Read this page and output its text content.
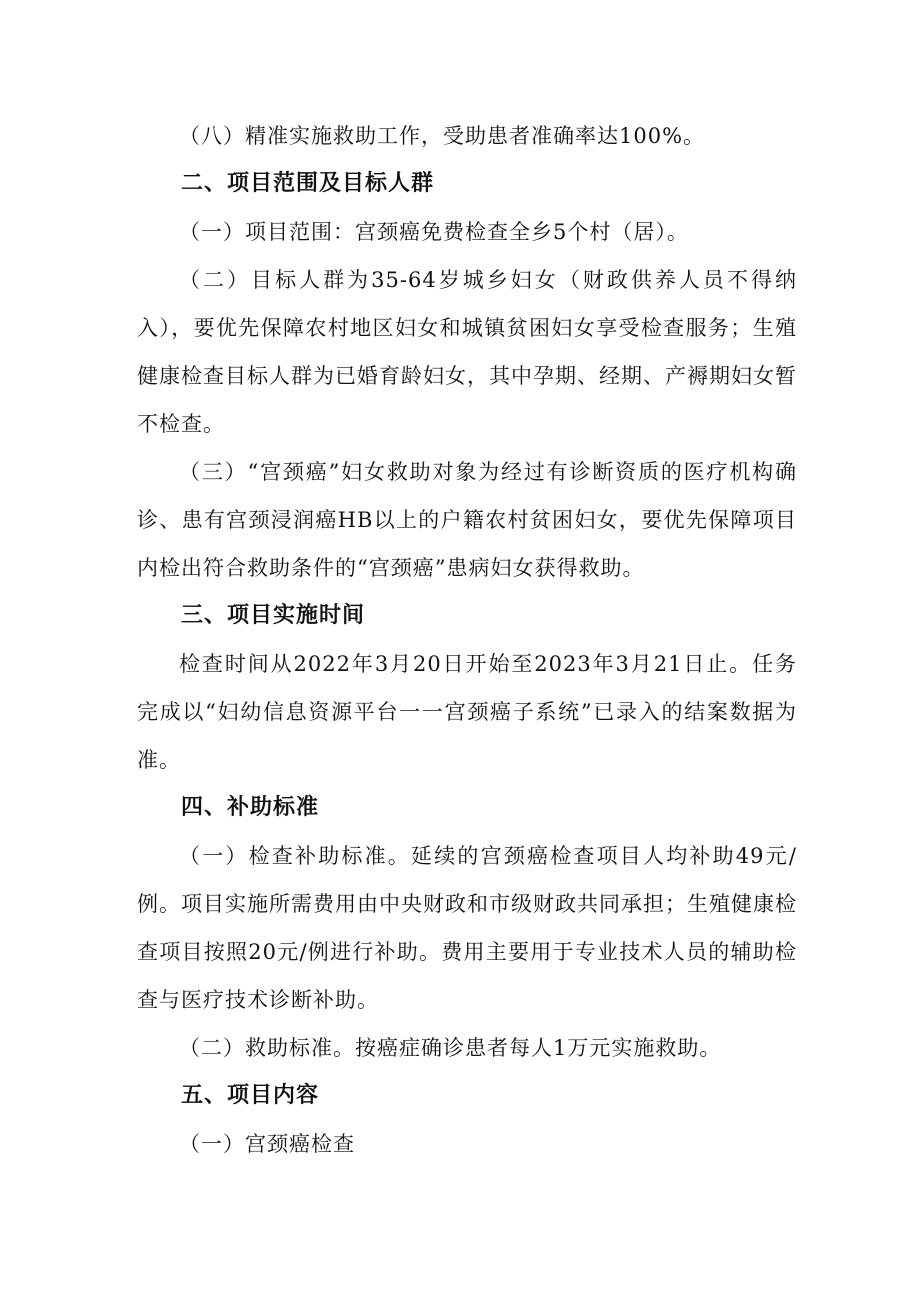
（八）精准实施救助工作，受助患者准确率达100%。

二、项目范围及目标人群

（一）项目范围：宫颈癌免费检查全乡5个村（居）。

（二）目标人群为35-64岁城乡妇女（财政供养人员不得纳入），要优先保障农村地区妇女和城镇贫困妇女享受检查服务；生殖健康检查目标人群为已婚育龄妇女，其中孕期、经期、产褥期妇女暂不检查。

（三）“宫颈癌”妇女救助对象为经过有诊断资质的医疗机构确诊、患有宫颈浸润癌HB以上的户籍农村贫困妇女，要优先保障项目内检出符合救助条件的“宫颈癌”患病妇女获得救助。

三、项目实施时间

检查时间从2022年3月20日开始至2023年3月21日止。任务完成以“妇幼信息资源平台一一宫颈癌子系统”已录入的结案数据为准。

四、补助标准

（一）检查补助标准。延续的宫颈癌检查项目人均补助49元/例。项目实施所需费用由中央财政和市级财政共同承担；生殖健康检查项目按照20元/例进行补助。费用主要用于专业技术人员的辅助检查与医疗技术诊断补助。

（二）救助标准。按癌症确诊患者每人1万元实施救助。

五、项目内容

（一）宫颈癌检查
